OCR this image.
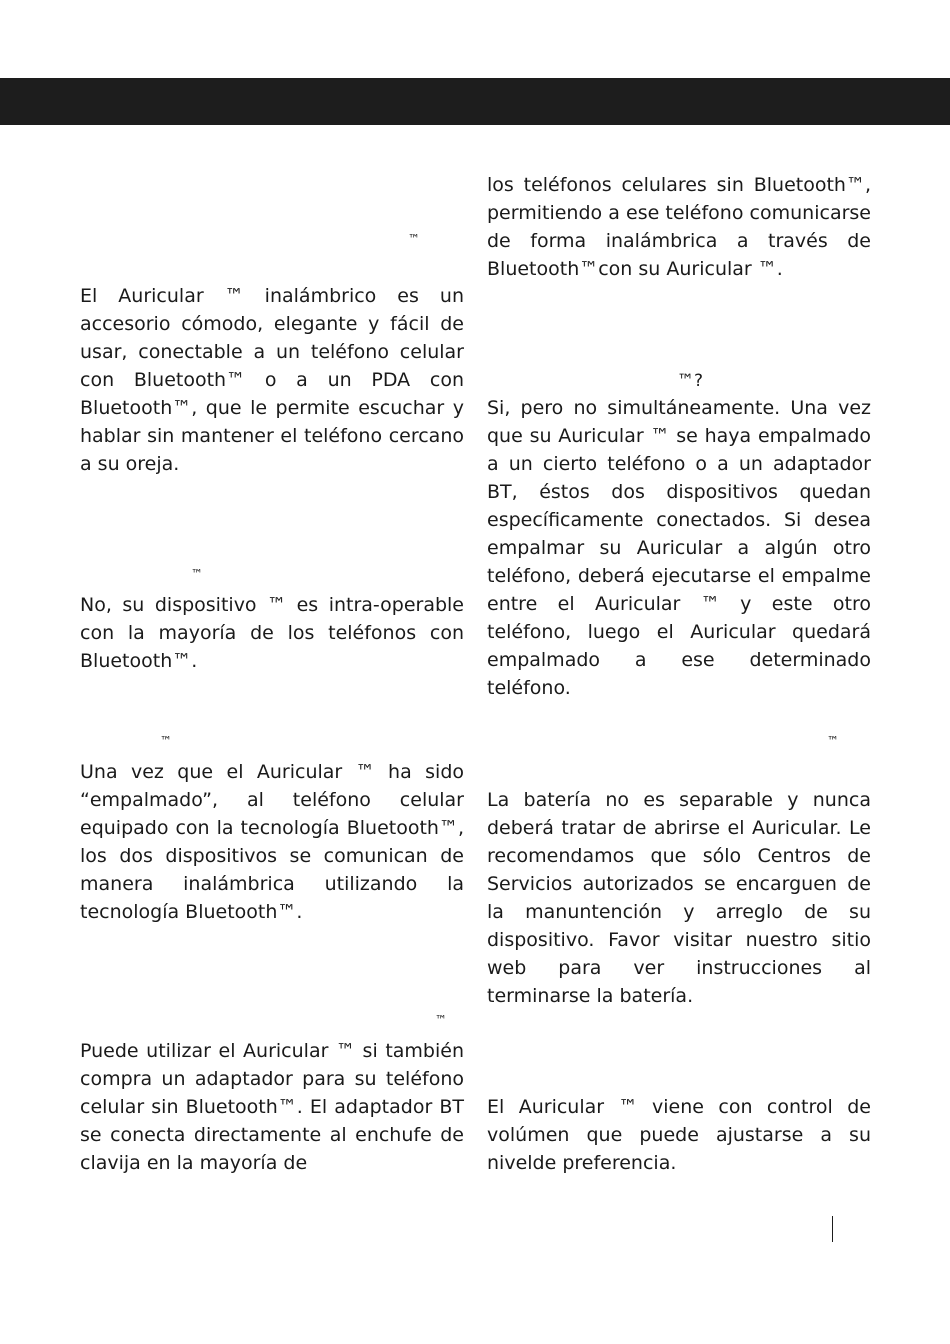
™

El Auricular ™ inalámbrico es un accesorio cómodo, elegante y fácil de usar, conectable a un teléfono celular con Bluetooth™ o a un PDA con Bluetooth™, que le permite escuchar y hablar sin mantener el teléfono cercano a su oreja.

™

No, su dispositivo ™ es intra-operable con la mayoría de los teléfonos con Bluetooth™.

™

Una vez que el Auricular ™ ha sido “empalmado”, al teléfono celular equipado con la tecnología Bluetooth™, los dos dispositivos se comunican de manera inalámbrica utilizando la tecnología Bluetooth™.

™

Puede utilizar el Auricular ™ si también compra un adaptador para su teléfono celular sin Bluetooth™. El adaptador BT se conecta directamente al enchufe de clavija en la mayoría de

los teléfonos celulares sin Bluetooth™, permitiendo a ese teléfono comunicarse de forma inalámbrica a través de Bluetooth™con su Auricular ™.

™?

Si, pero no simultáneamente. Una vez que su Auricular ™ se haya empalmado a un cierto teléfono o a un adaptador BT, éstos dos dispositivos quedan específicamente conectados. Si desea empalmar su Auricular a algún otro teléfono, deberá ejecutarse el empalme entre el Auricular ™ y este otro teléfono, luego el Auricular quedará empalmado a ese determinado teléfono.

™

La batería no es separable y nunca deberá tratar de abrirse el Auricular. Le recomendamos que sólo Centros de Servicios autorizados se encarguen de la manuntención y arreglo de su dispositivo. Favor visitar nuestro sitio web para ver instrucciones al terminarse la batería.

El Auricular ™ viene con control de volúmen que puede ajustarse a su nivelde preferencia.
